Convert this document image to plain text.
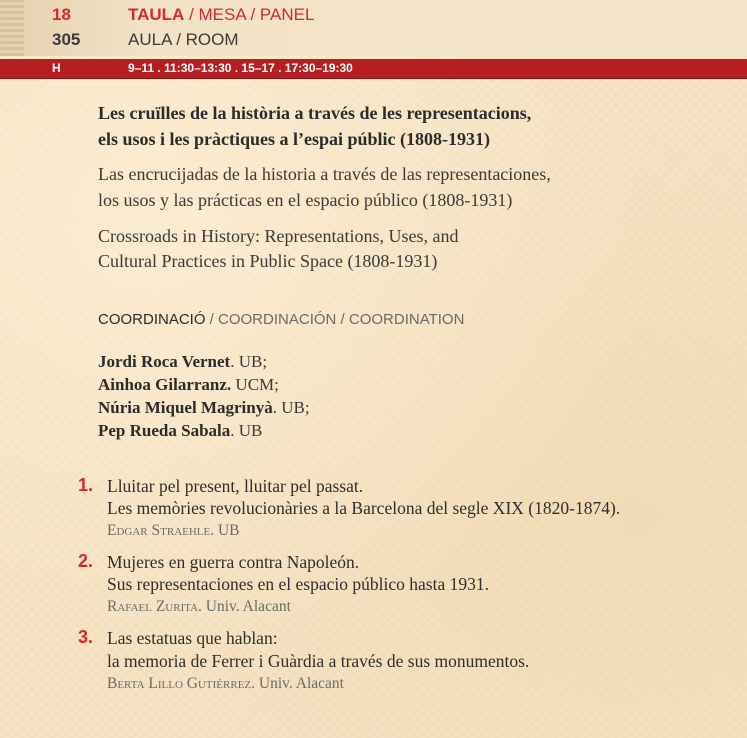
18	TAULA / MESA / PANEL
305	AULA / ROOM
H	9–11 . 11:30–13:30 . 15–17 . 17:30–19:30
Les cruïlles de la història a través de les representacions,
els usos i les pràctiques a l’espai públic (1808-1931)
Las encrucijadas de la historia a través de las representaciones,
los usos y las prácticas en el espacio público (1808-1931)
Crossroads in History: Representations, Uses, and
Cultural Practices in Public Space (1808-1931)
COORDINACIÓ / COORDINACIÓN / COORDINATION
Jordi Roca Vernet. UB;
Ainhoa Gilarranz. UCM;
Núria Miquel Magrinyà. UB;
Pep Rueda Sabala. UB
1. Lluitar pel present, lluitar pel passat.
Les memòries revolucionàries a la Barcelona del segle XIX (1820-1874).
Edgar Straehle. UB
2. Mujeres en guerra contra Napoleón.
Sus representaciones en el espacio público hasta 1931.
Rafael Zurita. Univ. Alacant
3. Las estatuas que hablan:
la memoria de Ferrer i Guàrdia a través de sus monumentos.
Berta Lillo Gutiérrez. Univ. Alacant
